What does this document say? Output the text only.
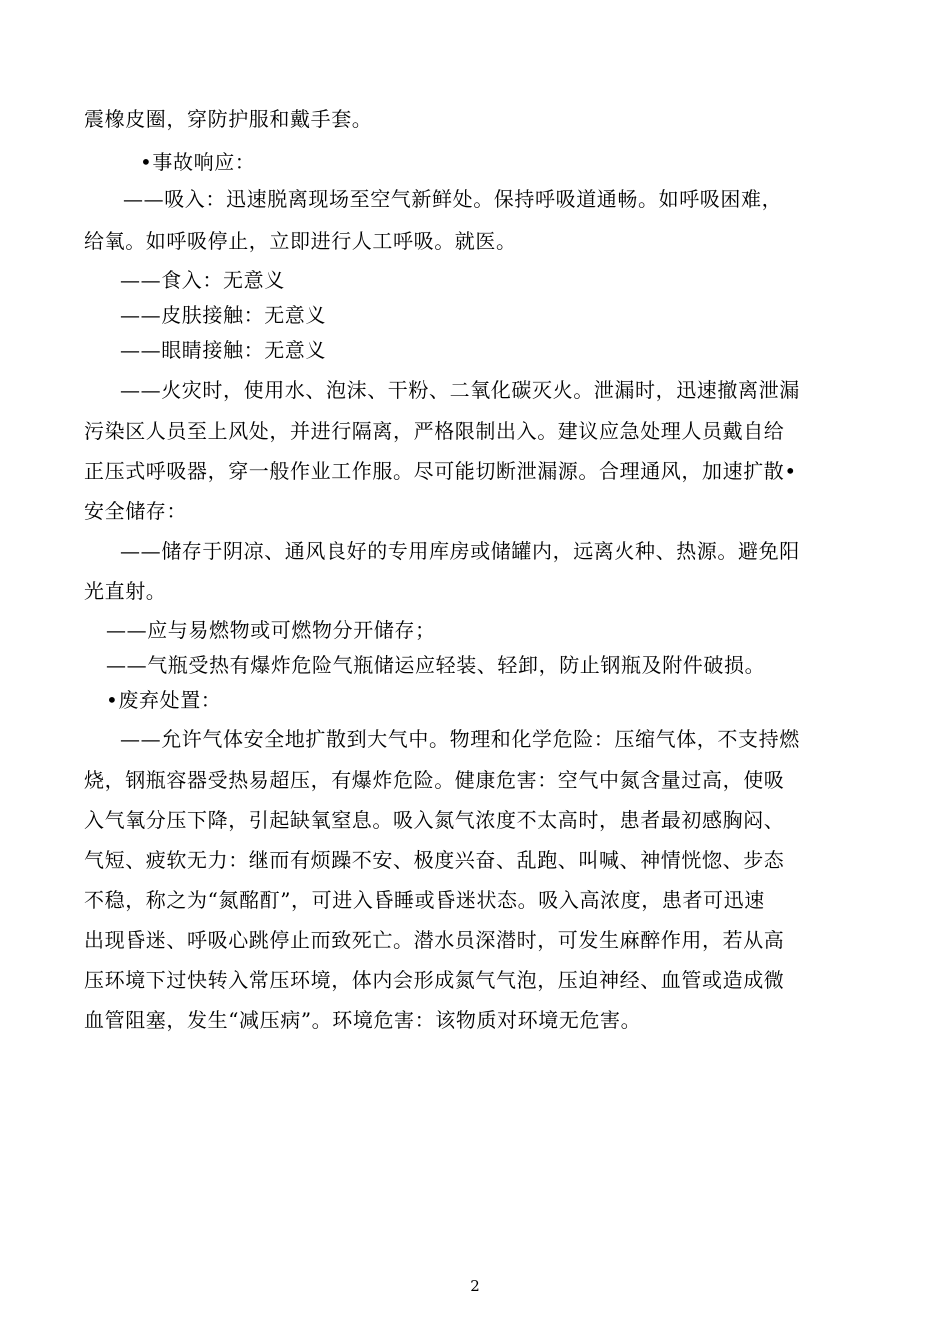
震橡皮圈，穿防护服和戴手套。
•事故响应：
——吸入：迅速脱离现场至空气新鲜处。保持呼吸道通畅。如呼吸困难，
给氧。如呼吸停止，立即进行人工呼吸。就医。
——食入：无意义
——皮肤接触：无意义
——眼睛接触：无意义
——火灾时，使用水、泡沫、干粉、二氧化碳灭火。泄漏时，迅速撤离泄漏
污染区人员至上风处，并进行隔离，严格限制出入。建议应急处理人员戴自给
正压式呼吸器，穿一般作业工作服。尽可能切断泄漏源。合理通风，加速扩散•
安全储存：
——储存于阴凉、通风良好的专用库房或储罐内，远离火种、热源。避免阳
光直射。
——应与易燃物或可燃物分开储存；
——气瓶受热有爆炸危险气瓶储运应轻装、轻卸，防止钢瓶及附件破损。
•废弃处置：
——允许气体安全地扩散到大气中。物理和化学危险：压缩气体，不支持燃
烧，钢瓶容器受热易超压，有爆炸危险。健康危害：空气中氮含量过高，使吸
入气氧分压下降，引起缺氧窒息。吸入氮气浓度不太高时，患者最初感胸闷、
气短、疲软无力：继而有烦躁不安、极度兴奋、乱跑、叫喊、神情恍惚、步态
不稳，称之为“氮酩酊”，可进入昏睡或昏迷状态。吸入高浓度，患者可迅速
出现昏迷、呼吸心跳停止而致死亡。潜水员深潜时，可发生麻醉作用，若从高
压环境下过快转入常压环境，体内会形成氮气气泡，压迫神经、血管或造成微
血管阻塞，发生“减压病”。环境危害：该物质对环境无危害。
2
